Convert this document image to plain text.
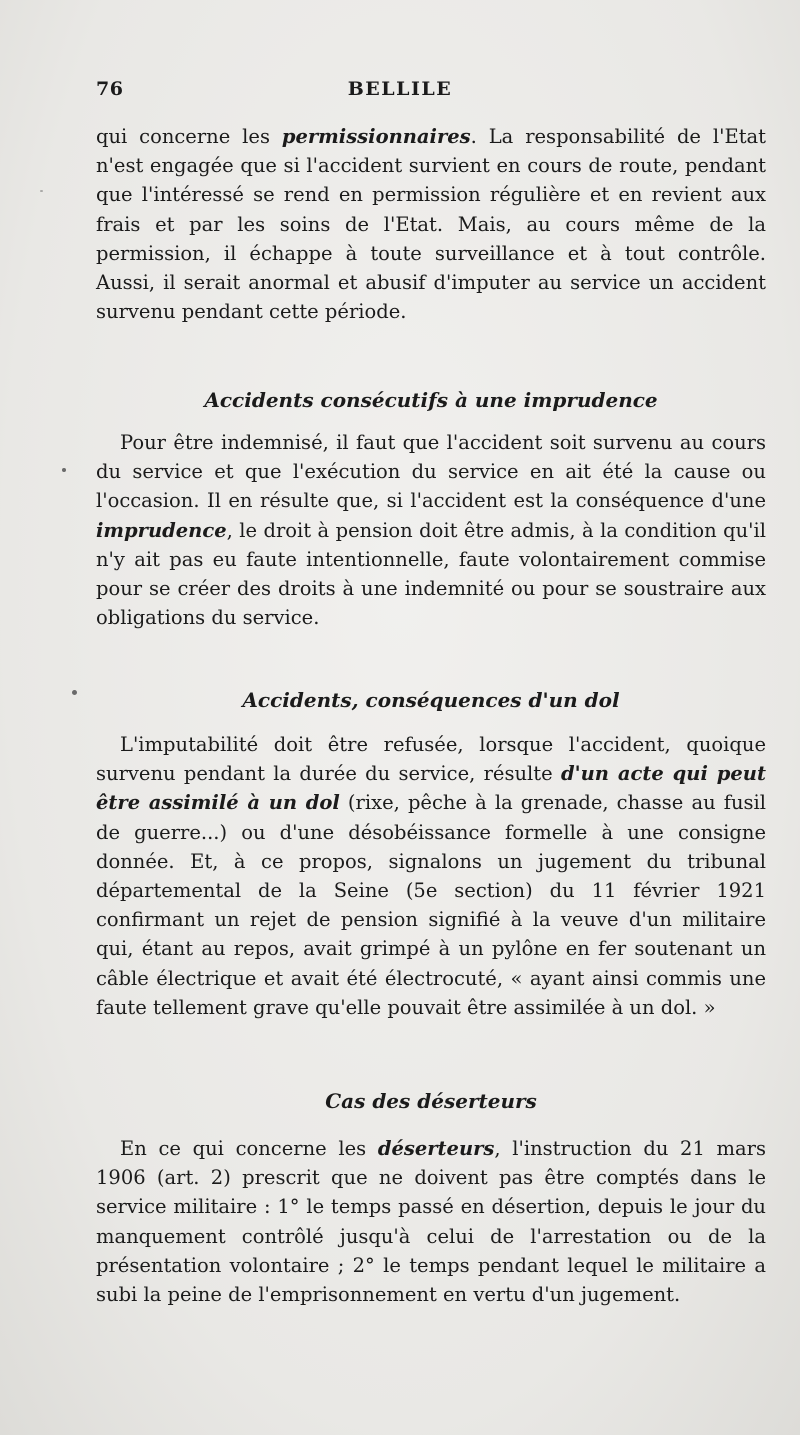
76	BELLILE

qui concerne les permissionnaires. La responsabilité de l'Etat n'est engagée que si l'accident survient en cours de route, pendant que l'intéressé se rend en permission régulière et en revient aux frais et par les soins de l'Etat. Mais, au cours même de la permission, il échappe à toute surveillance et à tout contrôle. Aussi, il serait anormal et abusif d'imputer au service un accident survenu pendant cette période.

Accidents consécutifs à une imprudence

Pour être indemnisé, il faut que l'accident soit survenu au cours du service et que l'exécution du service en ait été la cause ou l'occasion. Il en résulte que, si l'accident est la conséquence d'une imprudence, le droit à pension doit être admis, à la condition qu'il n'y ait pas eu faute intentionnelle, faute volontairement commise pour se créer des droits à une indemnité ou pour se soustraire aux obligations du service.

Accidents, conséquences d'un dol

L'imputabilité doit être refusée, lorsque l'accident, quoique survenu pendant la durée du service, résulte d'un acte qui peut être assimilé à un dol (rixe, pêche à la grenade, chasse au fusil de guerre...) ou d'une désobéissance formelle à une consigne donnée. Et, à ce propos, signalons un jugement du tribunal départemental de la Seine (5e section) du 11 février 1921 confirmant un rejet de pension signifié à la veuve d'un militaire qui, étant au repos, avait grimpé à un pylône en fer soutenant un câble électrique et avait été électrocuté, « ayant ainsi commis une faute tellement grave qu'elle pouvait être assimilée à un dol. »

Cas des déserteurs

En ce qui concerne les déserteurs, l'instruction du 21 mars 1906 (art. 2) prescrit que ne doivent pas être comptés dans le service militaire : 1° le temps passé en désertion, depuis le jour du manquement contrôlé jusqu'à celui de l'arrestation ou de la présentation volontaire ; 2° le temps pendant lequel le militaire a subi la peine de l'emprisonnement en vertu d'un jugement.
